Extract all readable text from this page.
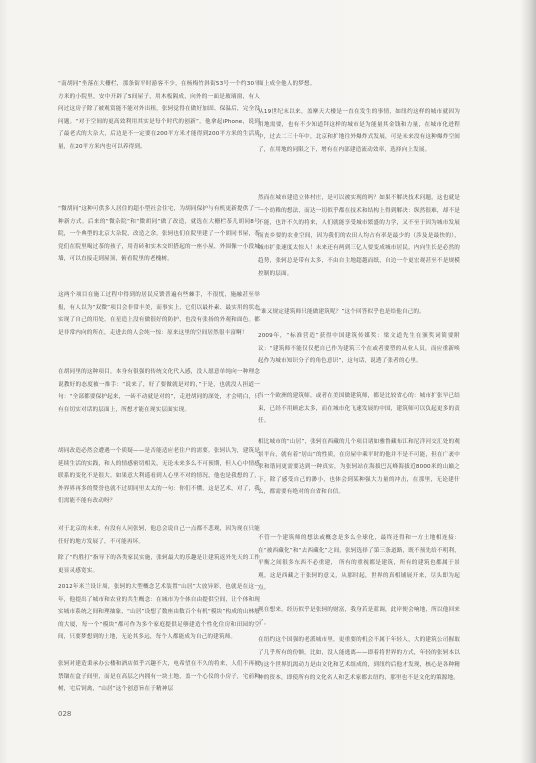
“南胡同”坐落在大栅栏，那条街平时游客不少，在杨梅竹斜街53号一个约30平方米的小院里，安中开辟了5间屋子，用木板隔成，向外的一面是玻璃窗，有人问过这房子除了被观赏能不能对外出租，张轲觉得在做好加固、保温后，完全没问题。“对于空间的更高效利用其实是每个时代的创新”，他拿起iPhone，说到了最老式的大杂大，后边是不一定要在200平方米才能得到200平方米的生活质量，在20平方米内也可以养得到。
“微胡同”这种可供多人居住的超小型社会住宅，为胡同保护与有机更新提供了一种新方式。后来的“微杂院”和“微胡同”做了改造，就选在大栅栏茶儿胡同8号院，一个典型的北京大杂院，改造之余，张轲也们在院里建了一个胡同书屋，茶党们在院里喝过茶的孩子，用青砖和实木交织搭起的一座小屋，外围像一小段城墙，可以直接走到屋顶，俯看院里的老槐树。
这两个项目在施工过程中得到的居民反馈普遍有些棘手，不很忧，施融甚至举报，有人以为“双微”项目会非常丰美，而事实上，它们以最朴素、最实用的状态实现了自己的用处，在星造上没有做很好的防护，也没有张扬的外观和面色。都是非常内向的所在，走进去的人会纯一惊：原来这里的空间居然很丰富啊！
在胡同里的这种项目，本身有很强的传统文化代入感，没人愿意单纯向一种理念说教好的态度被一推手：“说来了，好了要做就是对的，”于是，也就没人担道一句：“全部都要保护起来，一砖不动就是对的”，走进胡同的深处，才会明白，只有在切实对话的层面上，所想才能在现实层面实现。
胡同改造必然会遭遇一个质疑——是否能适应老住户的需要。张轲认为，建筑是延续生活的实践，和人的情感密切相关，无论未来多么不可预期，但人心中情感联系的变化不是很大。如果意大利遥看到人心里不对的情况，他也是我想的了，外界界再多的赞誉也就不过胡同里太太的一句：你们不懂，这是艺术，对了，我们需能不能有改动呀？
对于北京的未来，有没有人问张轲，他总会说自己一点都不悲观，因为现在只能任好的地方发展了，不可能再坏。
除了“约胜打”指导下的各类家民实施，张轲最大的乐趣是让建筑返外先天的工作更显灵感宽实。
2012年米兰设计周，张轲的大型概念艺术装置“山居”大放异彩，也就是在这一年，他提出了城市和农业的共生概念：在城市为个体自由提供空间，让个体和现实城市系统之间和理抽象，“山居”设想了数座由数百个有机“模块”构成的山林般的大厦，每一个“模块”都可作为多个家庭提供足够建造个性化住房和田园的空间，只要梦想到的土地，无论其多远，每个人都能成为自己的建筑师。
张轲对建造秉承办公楼和酒店似乎兴趣不大，电希望在不久的将来，人们不再被禁锢在盒子间里，而是在高层之内拥有一块土地，盖一个心仪的小房子，宅前种树，宅后饲禽，“山居”这个创意旨在于精神层
面上成全他人的梦想。
从19世纪末以来，盖摩天大楼是一直在发生的事情，如纽约这样的城市就因为用地需要，也有不少知道拜这样的城市是为能量其金钱和力量，在城市化进程中，过去二三十年中，北京和扩地往外爆炸式发展，可是未来没有这种爆炸空间了，在用地的同限之下，增有在内部建造流动效率，选择向上发展。
然而在城市建造立体村庄，是可以被实现的吗？如果不解决技术问题，这也就是一个幼稚的想法，而达一切似乎都在技术和结构上得到解决：纵然很难，却不是不能，也许不久的将来，人们就能享受城市繁盛的力学，又不至于因为城市发展而丧乡要的农业空间，因为我们的农田人均占有率是最少的（涉及是最快的），城市扩张速度太惊人！未来还有两到三亿人要变成城市居民，内向生长是必然的趋势，张轲总是带有太多，不由自主地超越而纸，自边一个更宏观甚至不是规模控制的层面。
“谁又规定建筑师只能做建筑呢？”这个回答似乎也是给他自己的。
2009年，“标准营造”获得中国建筑传媒奖：梁文道先生在颁奖词简要附议：“建筑师不能仅仅把自已作为建筑三个在或者要塑的从业人员，而应重新唤起作为城市知识分子的角色意识”，这句话，说透了张者的心里。
当一个欧洲的建筑师，或者在美国做建筑师，都是比较省心的：城市扩张早已结束，已经不用顾虑太多，而在城市化飞速发展的中国，建筑师可以负起更多的责任。
相比城市的“山居”，张轲在西藏的几个项目诸如雅鲁藏布江和尼洋河交汇处的观景平台，就有着“居山”的性质，在房屋中乘平时的他并不是不可能，但在广袤中求和谐同更需要达到一种真实，为张轲站在海拔巴瓦峰海拔近8000米的山巅之下，除了感受自己的渺小，也体会到某种强大力量的冲击，在那里，无论建什么，都需要有绝对的自省和自信。
不管一个建筑师的想法或概念是多么全球化，最终还得和一方土地相连接：在“被西藏化”和“去西藏化”之间，张轲选择了第三条道路，既不预先给不明利，平衡之间很多东西不必重建， 所有的重视都是建筑，所有的建筑也都属于景观，这是西藏之于张轲的意义，从那时起，世界的真相铺展开来，尽头即为起点。
现在想来，经历似乎是张轲的财富，我身若是蓝调，此岸便会响地，所以他回来了。
在纽约这个国强的老派城市里，更重要的机会不属于年轻人，大的建筑公司握取了几乎所有的份额，比如，没人能逃离——即着将世界的方式，年轻的张轲本以为这个世界饥渴动力是由文化和艺术组成的，到纽约后他才发现，核心是各种精神的资本，即使所有的文化名人和艺术家都去纽约，那里也不是文化的策源地。
028
